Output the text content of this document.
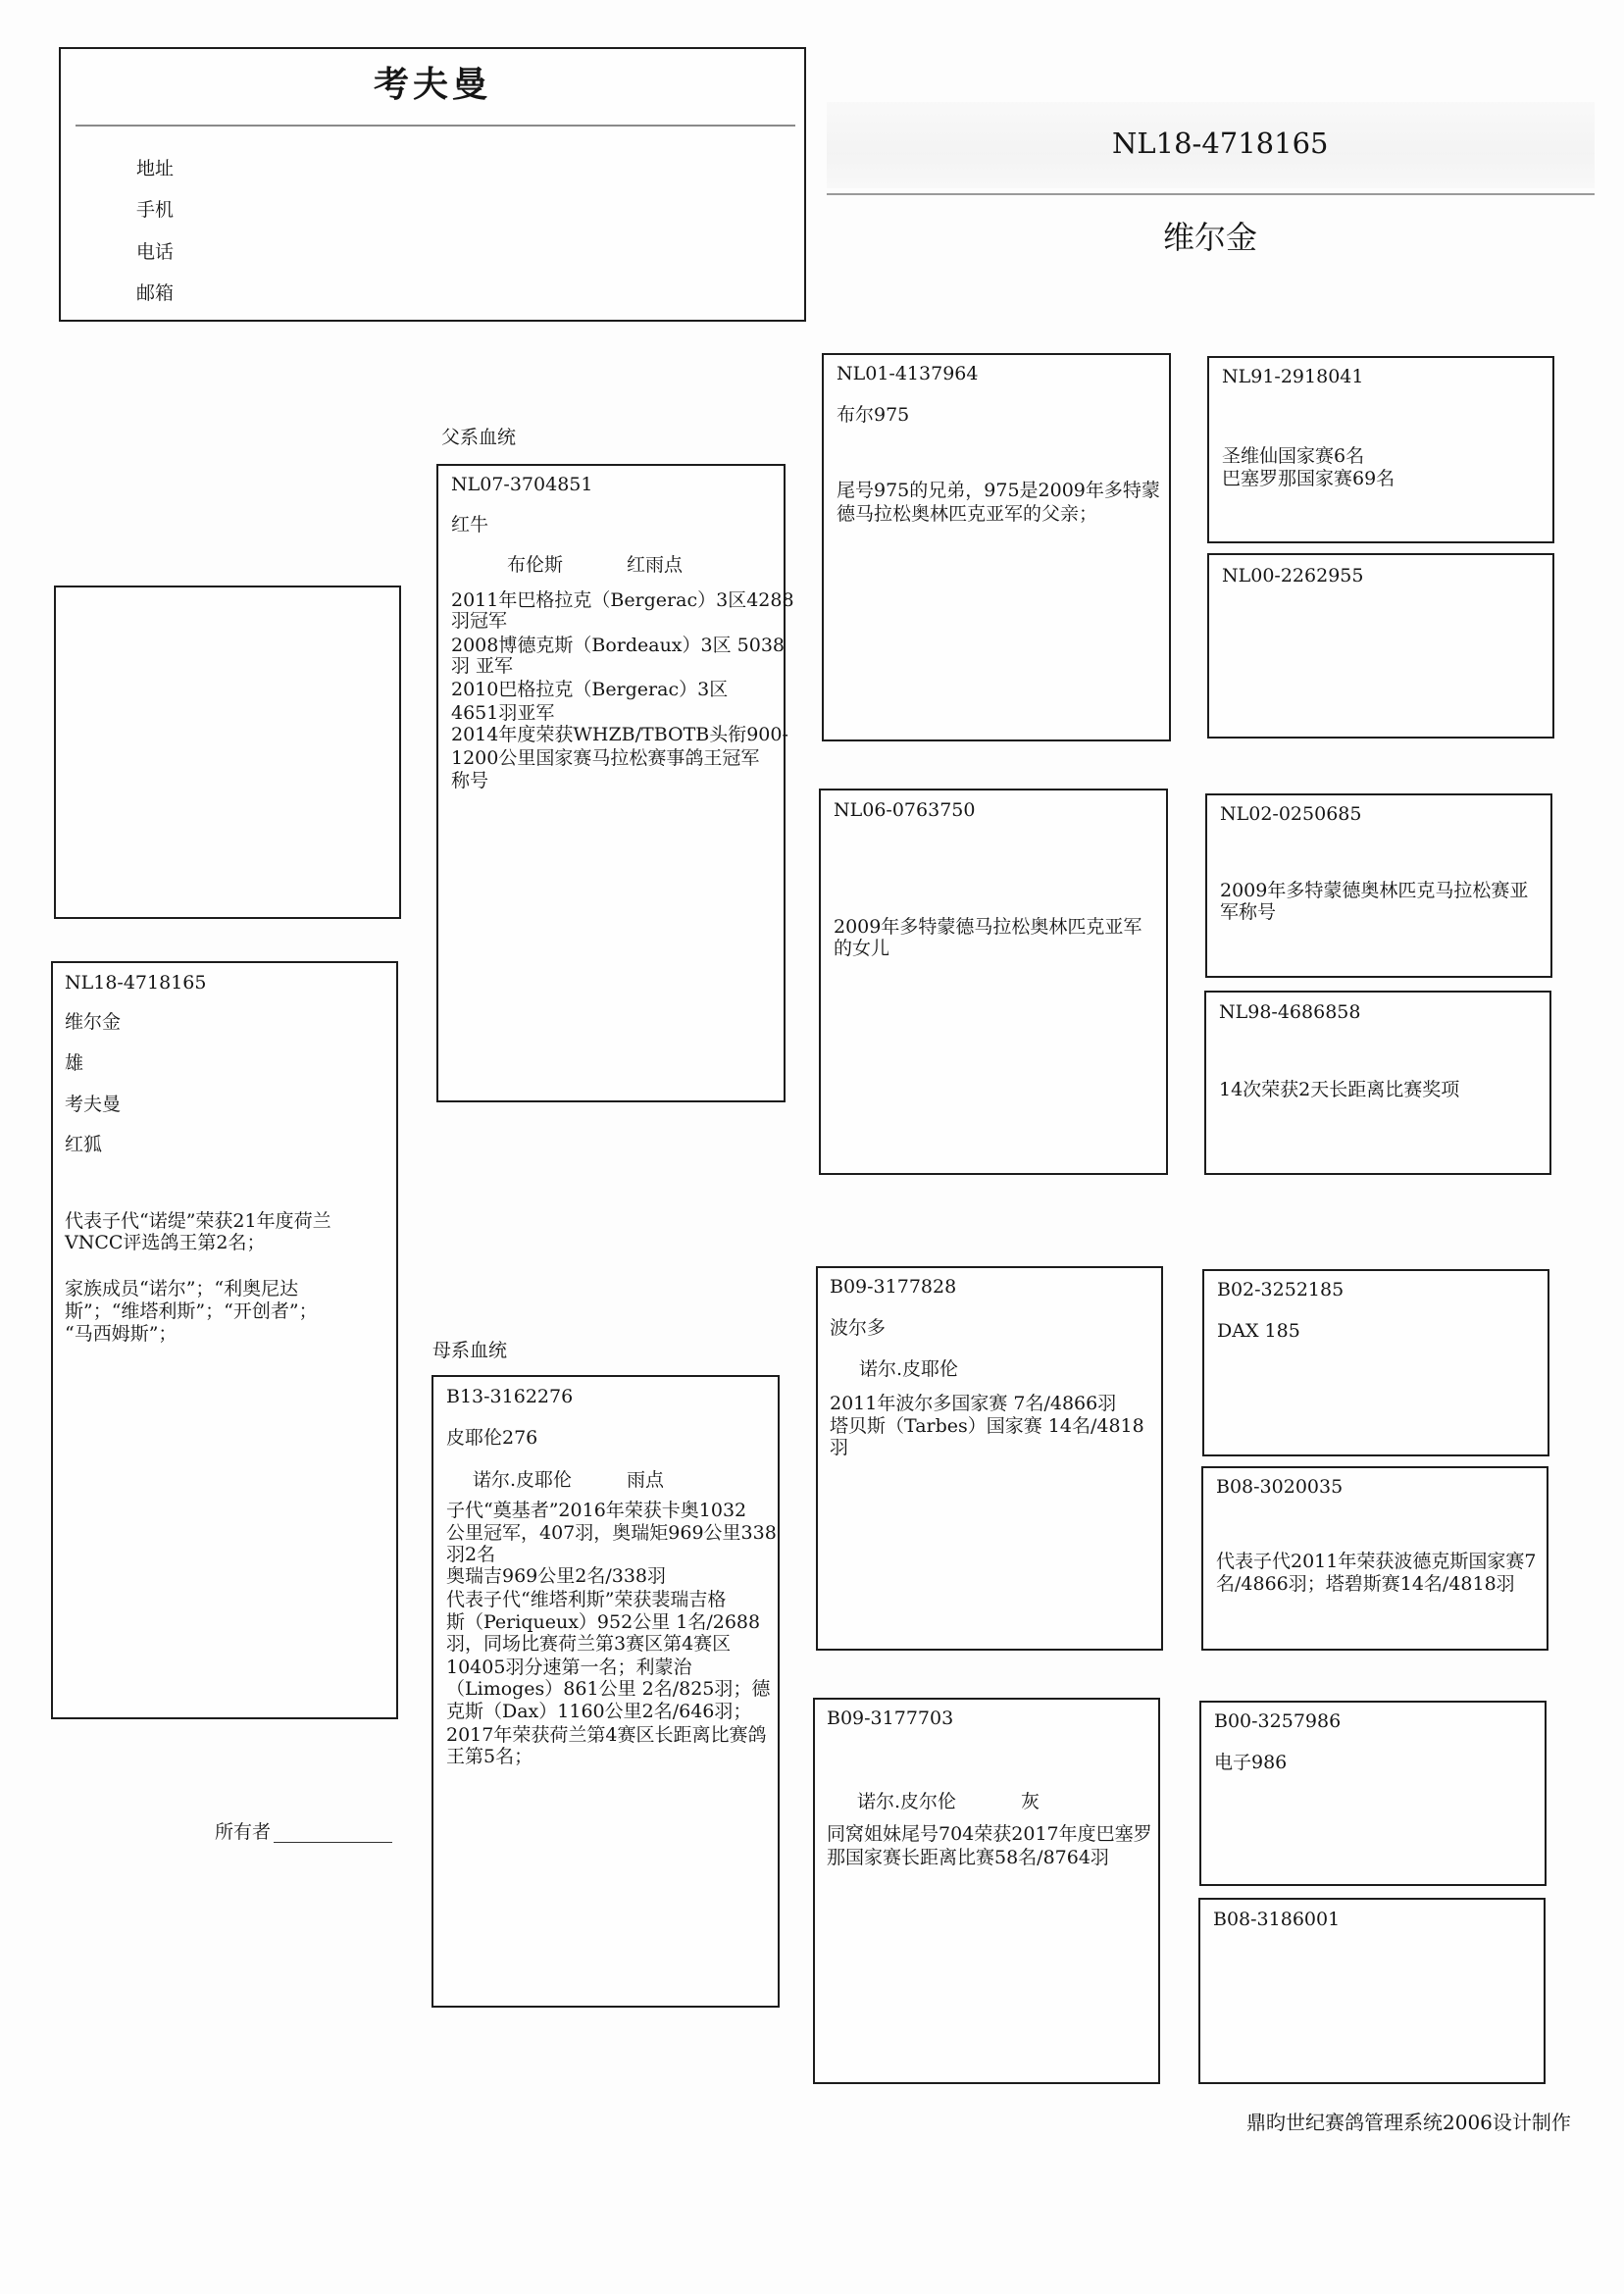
考夫曼
地址
手机
电话
邮箱
NL18-4718165
维尔金
NL18-4718165
维尔金
雄
考夫曼
红狐
代表子代“诺缇”荣获21年度荷兰
VNCC评选鸽王第2名；
家族成员“诺尔”；“利奥尼达
斯”；“维塔利斯”；“开创者”；
“马西姆斯”；
所有者
父系血统
NL07-3704851
红牛
布伦斯	红雨点
2011年巴格拉克（Bergerac）3区4288
羽冠军
2008博德克斯（Bordeaux）3区 5038
羽 亚军
2010巴格拉克（Bergerac）3区
4651羽亚军
2014年度荣获WHZB/TBOTB头衔900-
1200公里国家赛马拉松赛事鸽王冠军
称号
母系血统
B13-3162276
皮耶伦276
诺尔.皮耶伦	雨点
子代“奠基者”2016年荣获卡奥1032
公里冠军，407羽，奥瑞矩969公里338
羽2名
奥瑞吉969公里2名/338羽
代表子代“维塔利斯”荣获裴瑞吉格
斯（Periqueux）952公里 1名/2688
羽，同场比赛荷兰第3赛区第4赛区
10405羽分速第一名；利蒙治
（Limoges）861公里 2名/825羽；德
克斯（Dax）1160公里2名/646羽；
2017年荣获荷兰第4赛区长距离比赛鸽
王第5名；
NL01-4137964
布尔975
尾号975的兄弟，975是2009年多特蒙
德马拉松奥林匹克亚军的父亲；
NL06-0763750
2009年多特蒙德马拉松奥林匹克亚军
的女儿
B09-3177828
波尔多
诺尔.皮耶伦
2011年波尔多国家赛 7名/4866羽
塔贝斯（Tarbes）国家赛 14名/4818
羽
B09-3177703
诺尔.皮尔伦	灰
同窝姐妹尾号704荣获2017年度巴塞罗
那国家赛长距离比赛58名/8764羽
NL91-2918041
圣维仙国家赛6名
巴塞罗那国家赛69名
NL00-2262955
NL02-0250685
2009年多特蒙德奥林匹克马拉松赛亚
军称号
NL98-4686858
14次荣获2天长距离比赛奖项
B02-3252185
DAX 185
B08-3020035
代表子代2011年荣获波德克斯国家赛7
名/4866羽；塔碧斯赛14名/4818羽
B00-3257986
电子986
B08-3186001
鼎昀世纪赛鸽管理系统2006设计制作
